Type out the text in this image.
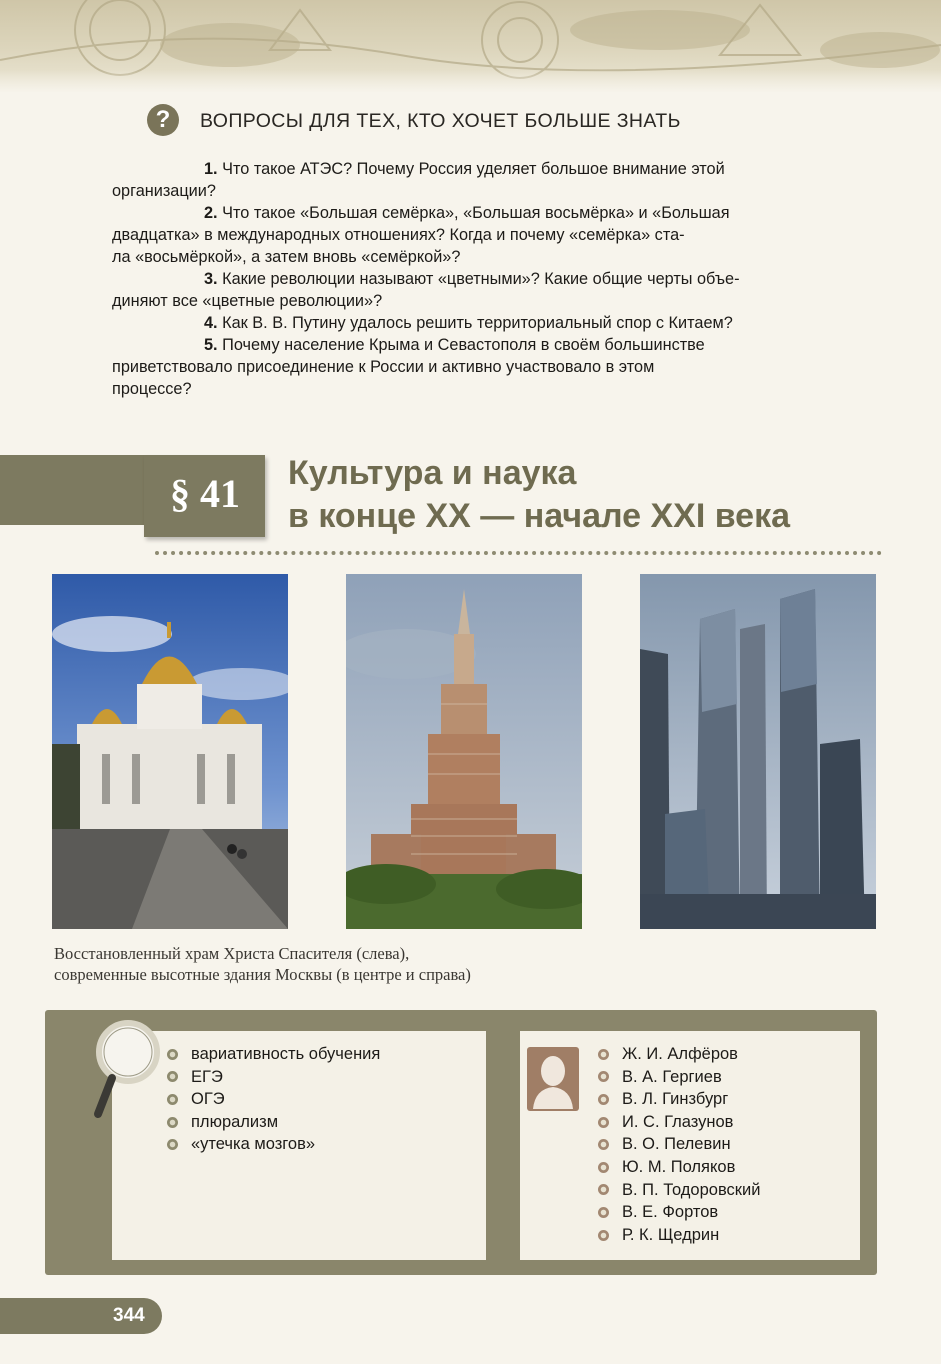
?	ВОПРОСЫ ДЛЯ ТЕХ, КТО ХОЧЕТ БОЛЬШЕ ЗНАТЬ

1. Что такое АТЭС? Почему Россия уделяет большое внимание этой
организации?

2. Что такое «Большая семёрка», «Большая восьмёрка» и «Большая
двадцатка» в международных отношениях? Когда и почему «семёрка» ста-
ла «восьмёркой», а затем вновь «семёркой»?

3. Какие революции называют «цветными»? Какие общие черты объе-
диняют все «цветные революции»?

4. Как В. В. Путину удалось решить территориальный спор с Китаем?

5. Почему население Крыма и Севастополя в своём большинстве
приветствовало присоединение к России и активно участвовало в этом
процессе?

§ 41	Культура и наука
в конце XX — начале XXI века
Восстановленный храм Христа Спасителя (слева),
современные высотные здания Москвы (в центре и справа)
вариативность обучения
ЕГЭ
ОГЭ
плюрализм
«утечка мозгов»
Ж. И. Алфёров
В. А. Гергиев
В. Л. Гинзбург
И. С. Глазунов
В. О. Пелевин
Ю. М. Поляков
В. П. Тодоровский
В. Е. Фортов
Р. К. Щедрин
344
